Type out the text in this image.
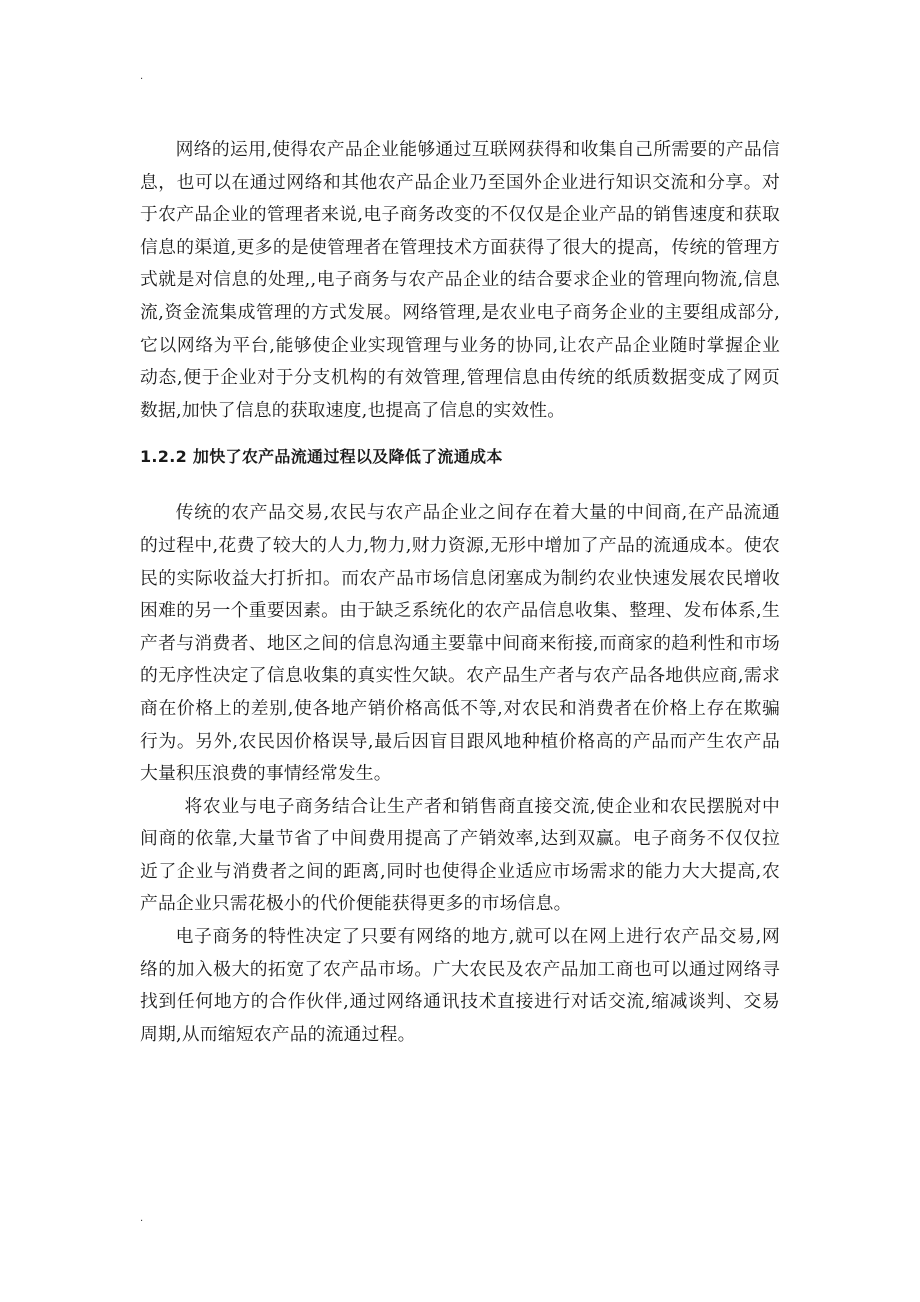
.

网络的运用,使得农产品企业能够通过互联网获得和收集自己所需要的产品信息，也可以在通过网络和其他农产品企业乃至国外企业进行知识交流和分享。对于农产品企业的管理者来说,电子商务改变的不仅仅是企业产品的销售速度和获取信息的渠道,更多的是使管理者在管理技术方面获得了很大的提高，传统的管理方式就是对信息的处理,,电子商务与农产品企业的结合要求企业的管理向物流,信息流,资金流集成管理的方式发展。网络管理,是农业电子商务企业的主要组成部分,它以网络为平台,能够使企业实现管理与业务的协同,让农产品企业随时掌握企业动态,便于企业对于分支机构的有效管理,管理信息由传统的纸质数据变成了网页数据,加快了信息的获取速度,也提高了信息的实效性。

1.2.2 加快了农产品流通过程以及降低了流通成本

传统的农产品交易,农民与农产品企业之间存在着大量的中间商,在产品流通的过程中,花费了较大的人力,物力,财力资源,无形中增加了产品的流通成本。使农民的实际收益大打折扣。而农产品市场信息闭塞成为制约农业快速发展农民增收困难的另一个重要因素。由于缺乏系统化的农产品信息收集、整理、发布体系,生产者与消费者、地区之间的信息沟通主要靠中间商来衔接,而商家的趋利性和市场的无序性决定了信息收集的真实性欠缺。农产品生产者与农产品各地供应商,需求商在价格上的差别,使各地产销价格高低不等,对农民和消费者在价格上存在欺骗行为。另外,农民因价格误导,最后因盲目跟风地种植价格高的产品而产生农产品大量积压浪费的事情经常发生。

将农业与电子商务结合让生产者和销售商直接交流,使企业和农民摆脱对中间商的依靠,大量节省了中间费用提高了产销效率,达到双赢。电子商务不仅仅拉近了企业与消费者之间的距离,同时也使得企业适应市场需求的能力大大提高,农产品企业只需花极小的代价便能获得更多的市场信息。

电子商务的特性决定了只要有网络的地方,就可以在网上进行农产品交易,网络的加入极大的拓宽了农产品市场。广大农民及农产品加工商也可以通过网络寻找到任何地方的合作伙伴,通过网络通讯技术直接进行对话交流,缩减谈判、交易周期,从而缩短农产品的流通过程。

.
